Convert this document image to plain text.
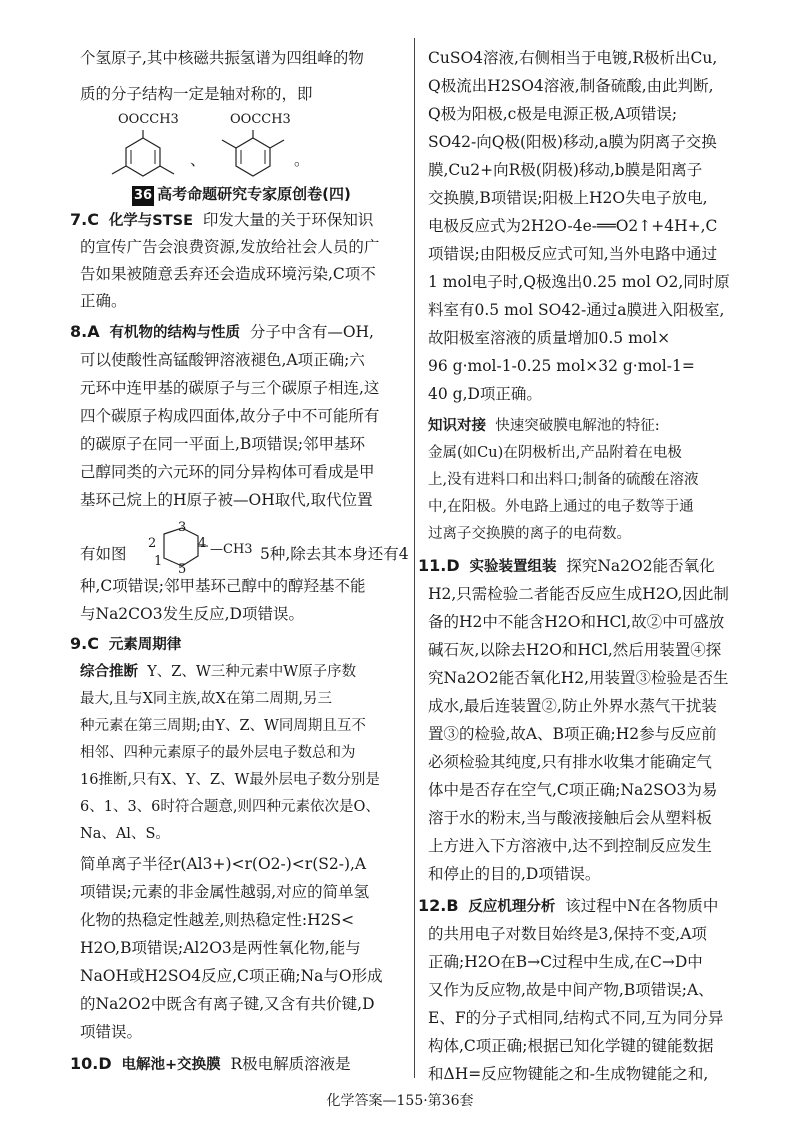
个氢原子,其中核磁共振氢谱为四组峰的物
质的分子结构一定是轴对称的，即
OOCCH3
、
OOCCH3
。
36 高考命题研究专家原创卷(四)
7.C 化学与STSE 印发大量的关于环保知识
的宣传广告会浪费资源,发放给社会人员的广
告如果被随意丢弃还会造成环境污染,C项不
正确。
8.A 有机物的结构与性质 分子中含有—OH,
可以使酸性高锰酸钾溶液褪色,A项正确;六
元环中连甲基的碳原子与三个碳原子相连,这
四个碳原子构成四面体,故分子中不可能所有
的碳原子在同一平面上,B项错误;邻甲基环
己醇同类的六元环的同分异构体可看成是甲
基环己烷上的H原子被—OH取代,取代位置
有如图
3
2	4
1
5
—CH3 5种,除去其本身还有4
种,C项错误;邻甲基环己醇中的醇羟基不能
与Na2CO3发生反应,D项错误。
9.C 元素周期律
综合推断 Y、Z、W三种元素中W原子序数
最大,且与X同主族,故X在第二周期,另三
种元素在第三周期;由Y、Z、W同周期且互不
相邻、四种元素原子的最外层电子数总和为
16推断,只有X、Y、Z、W最外层电子数分别是
6、1、3、6时符合题意,则四种元素依次是O、
Na、Al、S。
简单离子半径r(Al3+)<r(O2-)<r(S2-),A
项错误;元素的非金属性越弱,对应的简单氢
化物的热稳定性越差,则热稳定性:H2S<
H2O,B项错误;Al2O3是两性氧化物,能与
NaOH或H2SO4反应,C项正确;Na与O形成
的Na2O2中既含有离子键,又含有共价键,D
项错误。
10.D 电解池+交换膜 R极电解质溶液是
CuSO4溶液,右侧相当于电镀,R极析出Cu,
Q极流出H2SO4溶液,制备硫酸,由此判断,
Q极为阳极,c极是电源正极,A项错误;
SO42-向Q极(阳极)移动,a膜为阴离子交换
膜,Cu2+向R极(阴极)移动,b膜是阳离子
交换膜,B项错误;阳极上H2O失电子放电,
电极反应式为2H2O-4e-══O2↑+4H+,C
项错误;由阳极反应式可知,当外电路中通过
1 mol电子时,Q极逸出0.25 mol O2,同时原
料室有0.5 mol SO42-通过a膜进入阳极室,
故阳极室溶液的质量增加0.5 mol×
96 g·mol-1-0.25 mol×32 g·mol-1=
40 g,D项正确。
知识对接 快速突破膜电解池的特征:
金属(如Cu)在阴极析出,产品附着在电极
上,没有进料口和出料口;制备的硫酸在溶液
中,在阳极。外电路上通过的电子数等于通
过离子交换膜的离子的电荷数。
11.D 实验装置组装 探究Na2O2能否氧化
H2,只需检验二者能否反应生成H2O,因此制
备的H2中不能含H2O和HCl,故②中可盛放
碱石灰,以除去H2O和HCl,然后用装置④探
究Na2O2能否氧化H2,用装置③检验是否生
成水,最后连装置②,防止外界水蒸气干扰装
置③的检验,故A、B项正确;H2参与反应前
必须检验其纯度,只有排水收集才能确定气
体中是否存在空气,C项正确;Na2SO3为易
溶于水的粉末,当与酸液接触后会从塑料板
上方进入下方溶液中,达不到控制反应发生
和停止的目的,D项错误。
12.B 反应机理分析 该过程中N在各物质中
的共用电子对数目始终是3,保持不变,A项
正确;H2O在B→C过程中生成,在C→D中
又作为反应物,故是中间产物,B项错误;A、
E、F的分子式相同,结构式不同,互为同分异
构体,C项正确;根据已知化学键的键能数据
和ΔH=反应物键能之和-生成物键能之和,
化学答案—155·第36套
